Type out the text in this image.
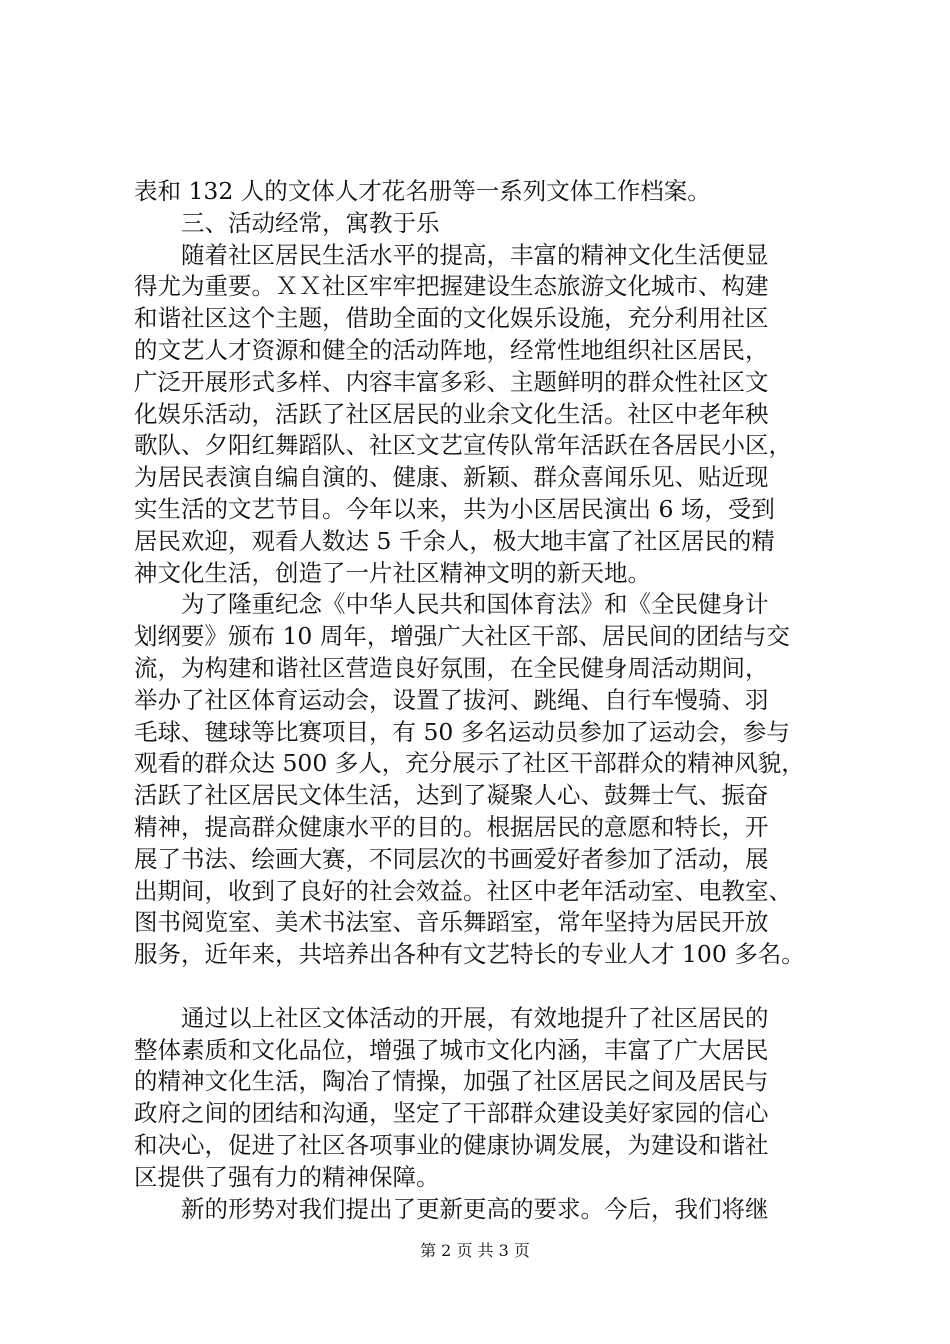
表和 132 人的文体人才花名册等一系列文体工作档案。
三、活动经常，寓教于乐
随着社区居民生活水平的提高，丰富的精神文化生活便显
得尤为重要。ＸＸ社区牢牢把握建设生态旅游文化城市、构建
和谐社区这个主题，借助全面的文化娱乐设施，充分利用社区
的文艺人才资源和健全的活动阵地，经常性地组织社区居民，
广泛开展形式多样、内容丰富多彩、主题鲜明的群众性社区文
化娱乐活动，活跃了社区居民的业余文化生活。社区中老年秧
歌队、夕阳红舞蹈队、社区文艺宣传队常年活跃在各居民小区，
为居民表演自编自演的、健康、新颖、群众喜闻乐见、贴近现
实生活的文艺节目。今年以来，共为小区居民演出 6 场，受到
居民欢迎，观看人数达 5 千余人，极大地丰富了社区居民的精
神文化生活，创造了一片社区精神文明的新天地。
为了隆重纪念《中华人民共和国体育法》和《全民健身计
划纲要》颁布 10 周年，增强广大社区干部、居民间的团结与交
流，为构建和谐社区营造良好氛围，在全民健身周活动期间，
举办了社区体育运动会，设置了拔河、跳绳、自行车慢骑、羽
毛球、毽球等比赛项目，有 50 多名运动员参加了运动会，参与
观看的群众达 500 多人，充分展示了社区干部群众的精神风貌，
活跃了社区居民文体生活，达到了凝聚人心、鼓舞士气、振奋
精神，提高群众健康水平的目的。根据居民的意愿和特长，开
展了书法、绘画大赛，不同层次的书画爱好者参加了活动，展
出期间，收到了良好的社会效益。社区中老年活动室、电教室、
图书阅览室、美术书法室、音乐舞蹈室，常年坚持为居民开放
服务，近年来，共培养出各种有文艺特长的专业人才 100 多名。
通过以上社区文体活动的开展，有效地提升了社区居民的
整体素质和文化品位，增强了城市文化内涵，丰富了广大居民
的精神文化生活，陶冶了情操，加强了社区居民之间及居民与
政府之间的团结和沟通，坚定了干部群众建设美好家园的信心
和决心，促进了社区各项事业的健康协调发展，为建设和谐社
区提供了强有力的精神保障。
新的形势对我们提出了更新更高的要求。今后，我们将继
第 2 页 共 3 页
